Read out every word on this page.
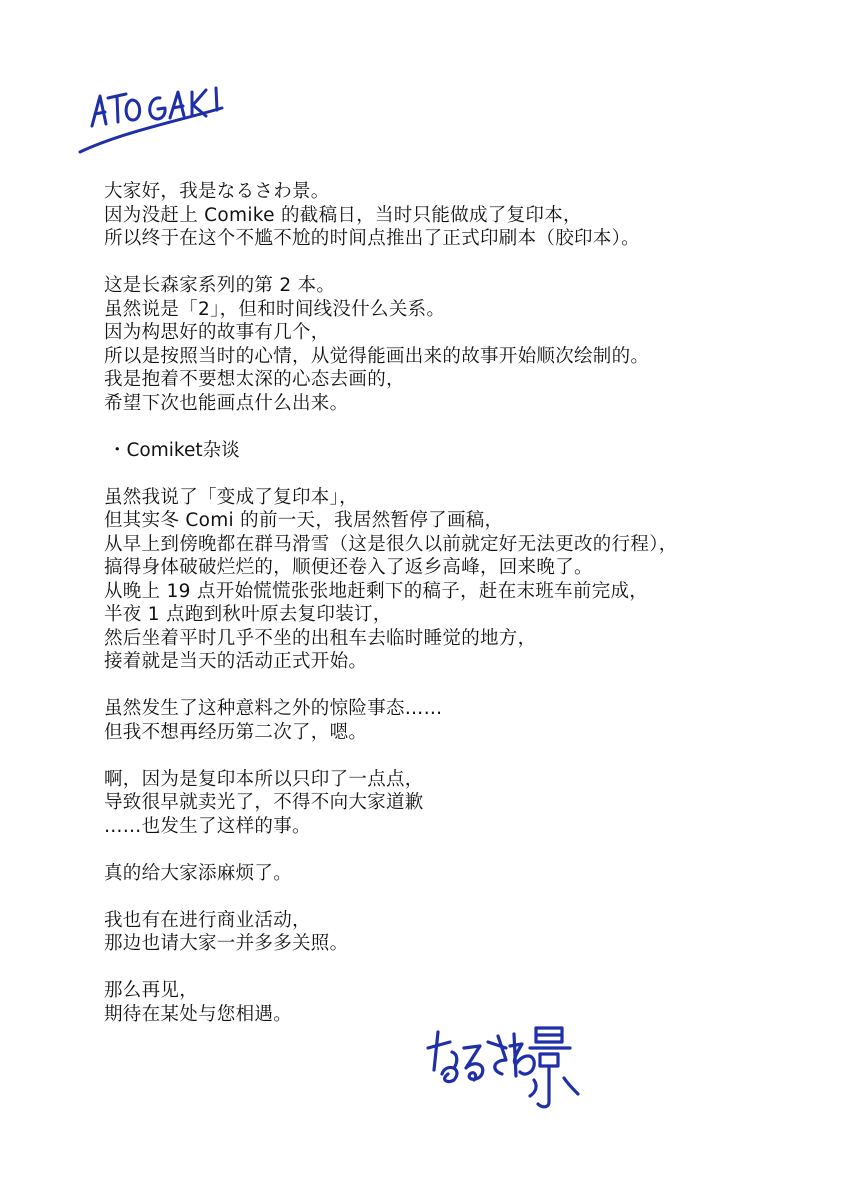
ATOGAKI
大家好，我是なるさわ景。
因为没赶上 Comike 的截稿日，当时只能做成了复印本，
所以终于在这个不尴不尬的时间点推出了正式印刷本（胶印本）。
这是长森家系列的第 2 本。
虽然说是「2」，但和时间线没什么关系。
因为构思好的故事有几个，
所以是按照当时的心情，从觉得能画出来的故事开始顺次绘制的。
我是抱着不要想太深的心态去画的，
希望下次也能画点什么出来。
・Comiket杂谈
虽然我说了「变成了复印本」，
但其实冬 Comi 的前一天，我居然暂停了画稿，
从早上到傍晚都在群马滑雪（这是很久以前就定好无法更改的行程），
搞得身体破破烂烂的，顺便还卷入了返乡高峰，回来晚了。
从晚上 19 点开始慌慌张张地赶剩下的稿子，赶在末班车前完成，
半夜 1 点跑到秋叶原去复印装订，
然后坐着平时几乎不坐的出租车去临时睡觉的地方，
接着就是当天的活动正式开始。
虽然发生了这种意料之外的惊险事态……
但我不想再经历第二次了，嗯。
啊，因为是复印本所以只印了一点点，
导致很早就卖光了，不得不向大家道歉
……也发生了这样的事。
真的给大家添麻烦了。
我也有在进行商业活动，
那边也请大家一并多多关照。
那么再见，
期待在某处与您相遇。	なるさわ景
